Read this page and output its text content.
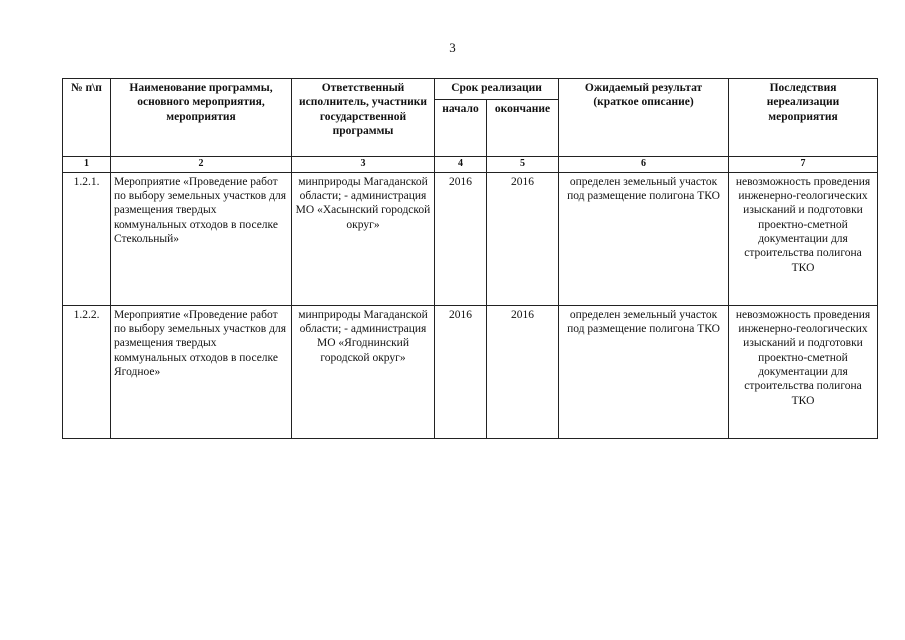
3
№ п\п	Наименование программы, основного мероприятия, мероприятия	Ответственный исполнитель, участники государственной программы	Срок реализации		Ожидаемый результат (краткое описание)	Последствия нереализации мероприятия
			начало	окончание		
1	2	3	4	5	6	7
1.2.1.	Мероприятие «Проведение работ по выбору земельных участков для размещения твердых коммунальных отходов в поселке Стекольный»	минприроды Магаданской области; - администрация МО «Хасынский городской округ»	2016	2016	определен земельный участок под размещение полигона ТКО	невозможность проведения инженерно-геологических изысканий и подготовки проектно-сметной документации для строительства полигона ТКО
1.2.2.	Мероприятие «Проведение работ по выбору земельных участков для размещения твердых коммунальных отходов в поселке Ягодное»	минприроды Магаданской области; - администрация МО «Ягоднинский городской округ»	2016	2016	определен земельный участок под размещение полигона ТКО	невозможность проведения инженерно-геологических изысканий и подготовки проектно-сметной документации для строительства полигона ТКО
